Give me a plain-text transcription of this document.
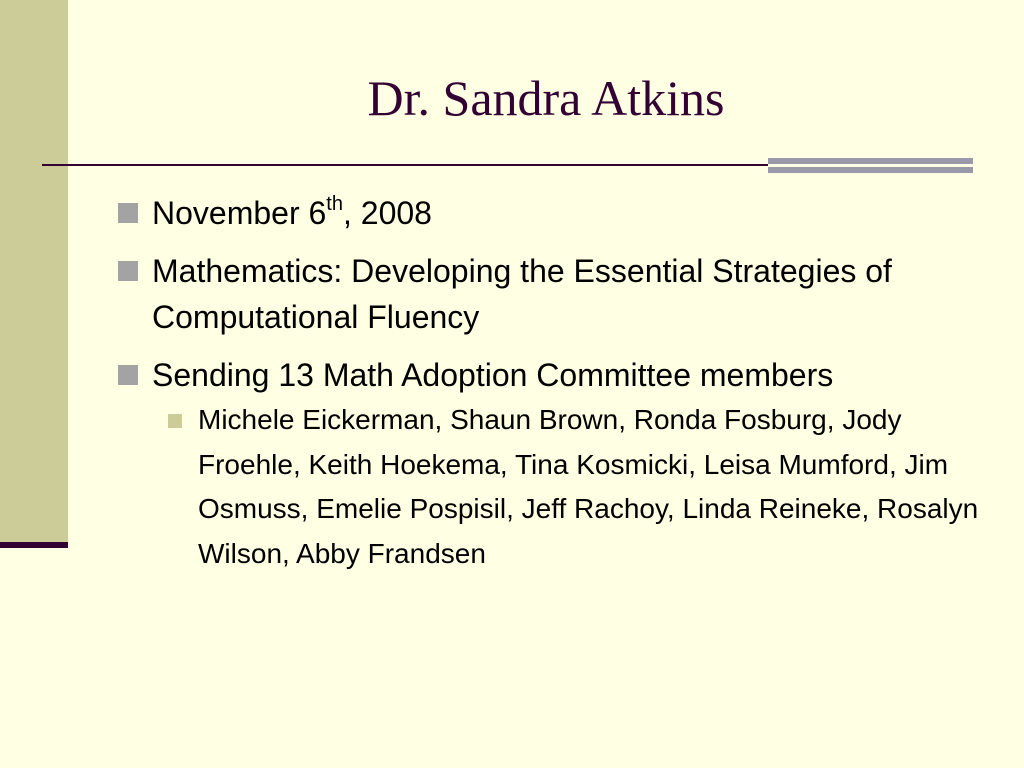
Dr. Sandra Atkins
November 6th, 2008
Mathematics: Developing the Essential Strategies of Computational Fluency
Sending 13 Math Adoption Committee members
Michele Eickerman, Shaun Brown, Ronda Fosburg, Jody Froehle, Keith Hoekema, Tina Kosmicki, Leisa Mumford, Jim Osmuss, Emelie Pospisil, Jeff Rachoy, Linda Reineke, Rosalyn Wilson, Abby Frandsen
